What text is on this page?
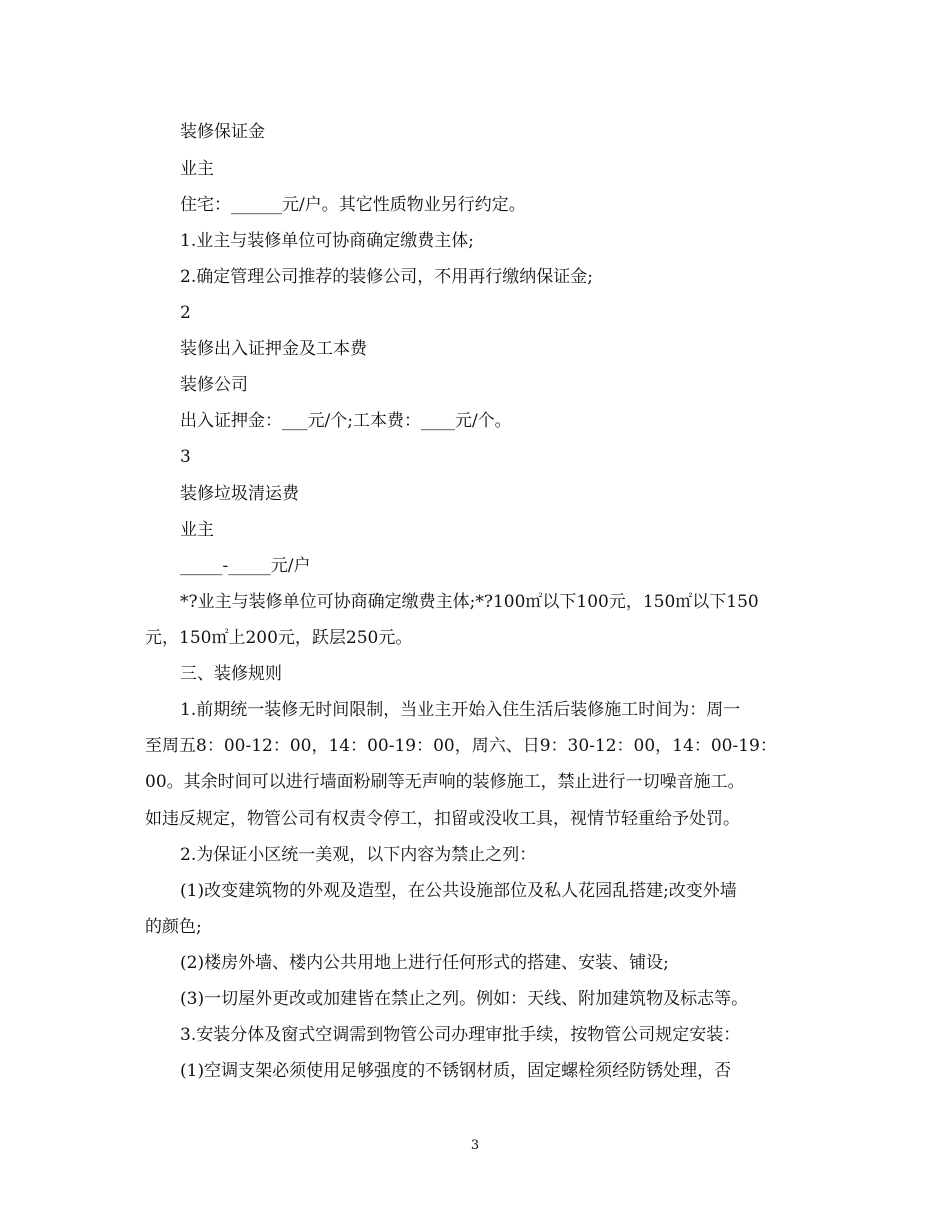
装修保证金
业主
住宅：______元/户。其它性质物业另行约定。
1.业主与装修单位可协商确定缴费主体;
2.确定管理公司推荐的装修公司，不用再行缴纳保证金;
2
装修出入证押金及工本费
装修公司
出入证押金：___元/个;工本费：____元/个。
3
装修垃圾清运费
业主
_____-_____元/户
*?业主与装修单位可协商确定缴费主体;*?100㎡以下100元，150㎡以下150
元，150㎡上200元，跃层250元。
三、装修规则
1.前期统一装修无时间限制，当业主开始入住生活后装修施工时间为：周一
至周五8：00-12：00，14：00-19：00，周六、日9：30-12：00，14：00-19：
00。其余时间可以进行墙面粉刷等无声响的装修施工，禁止进行一切噪音施工。
如违反规定，物管公司有权责令停工，扣留或没收工具，视情节轻重给予处罚。
2.为保证小区统一美观，以下内容为禁止之列：
(1)改变建筑物的外观及造型，在公共设施部位及私人花园乱搭建;改变外墙
的颜色;
(2)楼房外墙、楼内公共用地上进行任何形式的搭建、安装、铺设;
(3)一切屋外更改或加建皆在禁止之列。例如：天线、附加建筑物及标志等。
3.安装分体及窗式空调需到物管公司办理审批手续，按物管公司规定安装：
(1)空调支架必须使用足够强度的不锈钢材质，固定螺栓须经防锈处理，否
3
